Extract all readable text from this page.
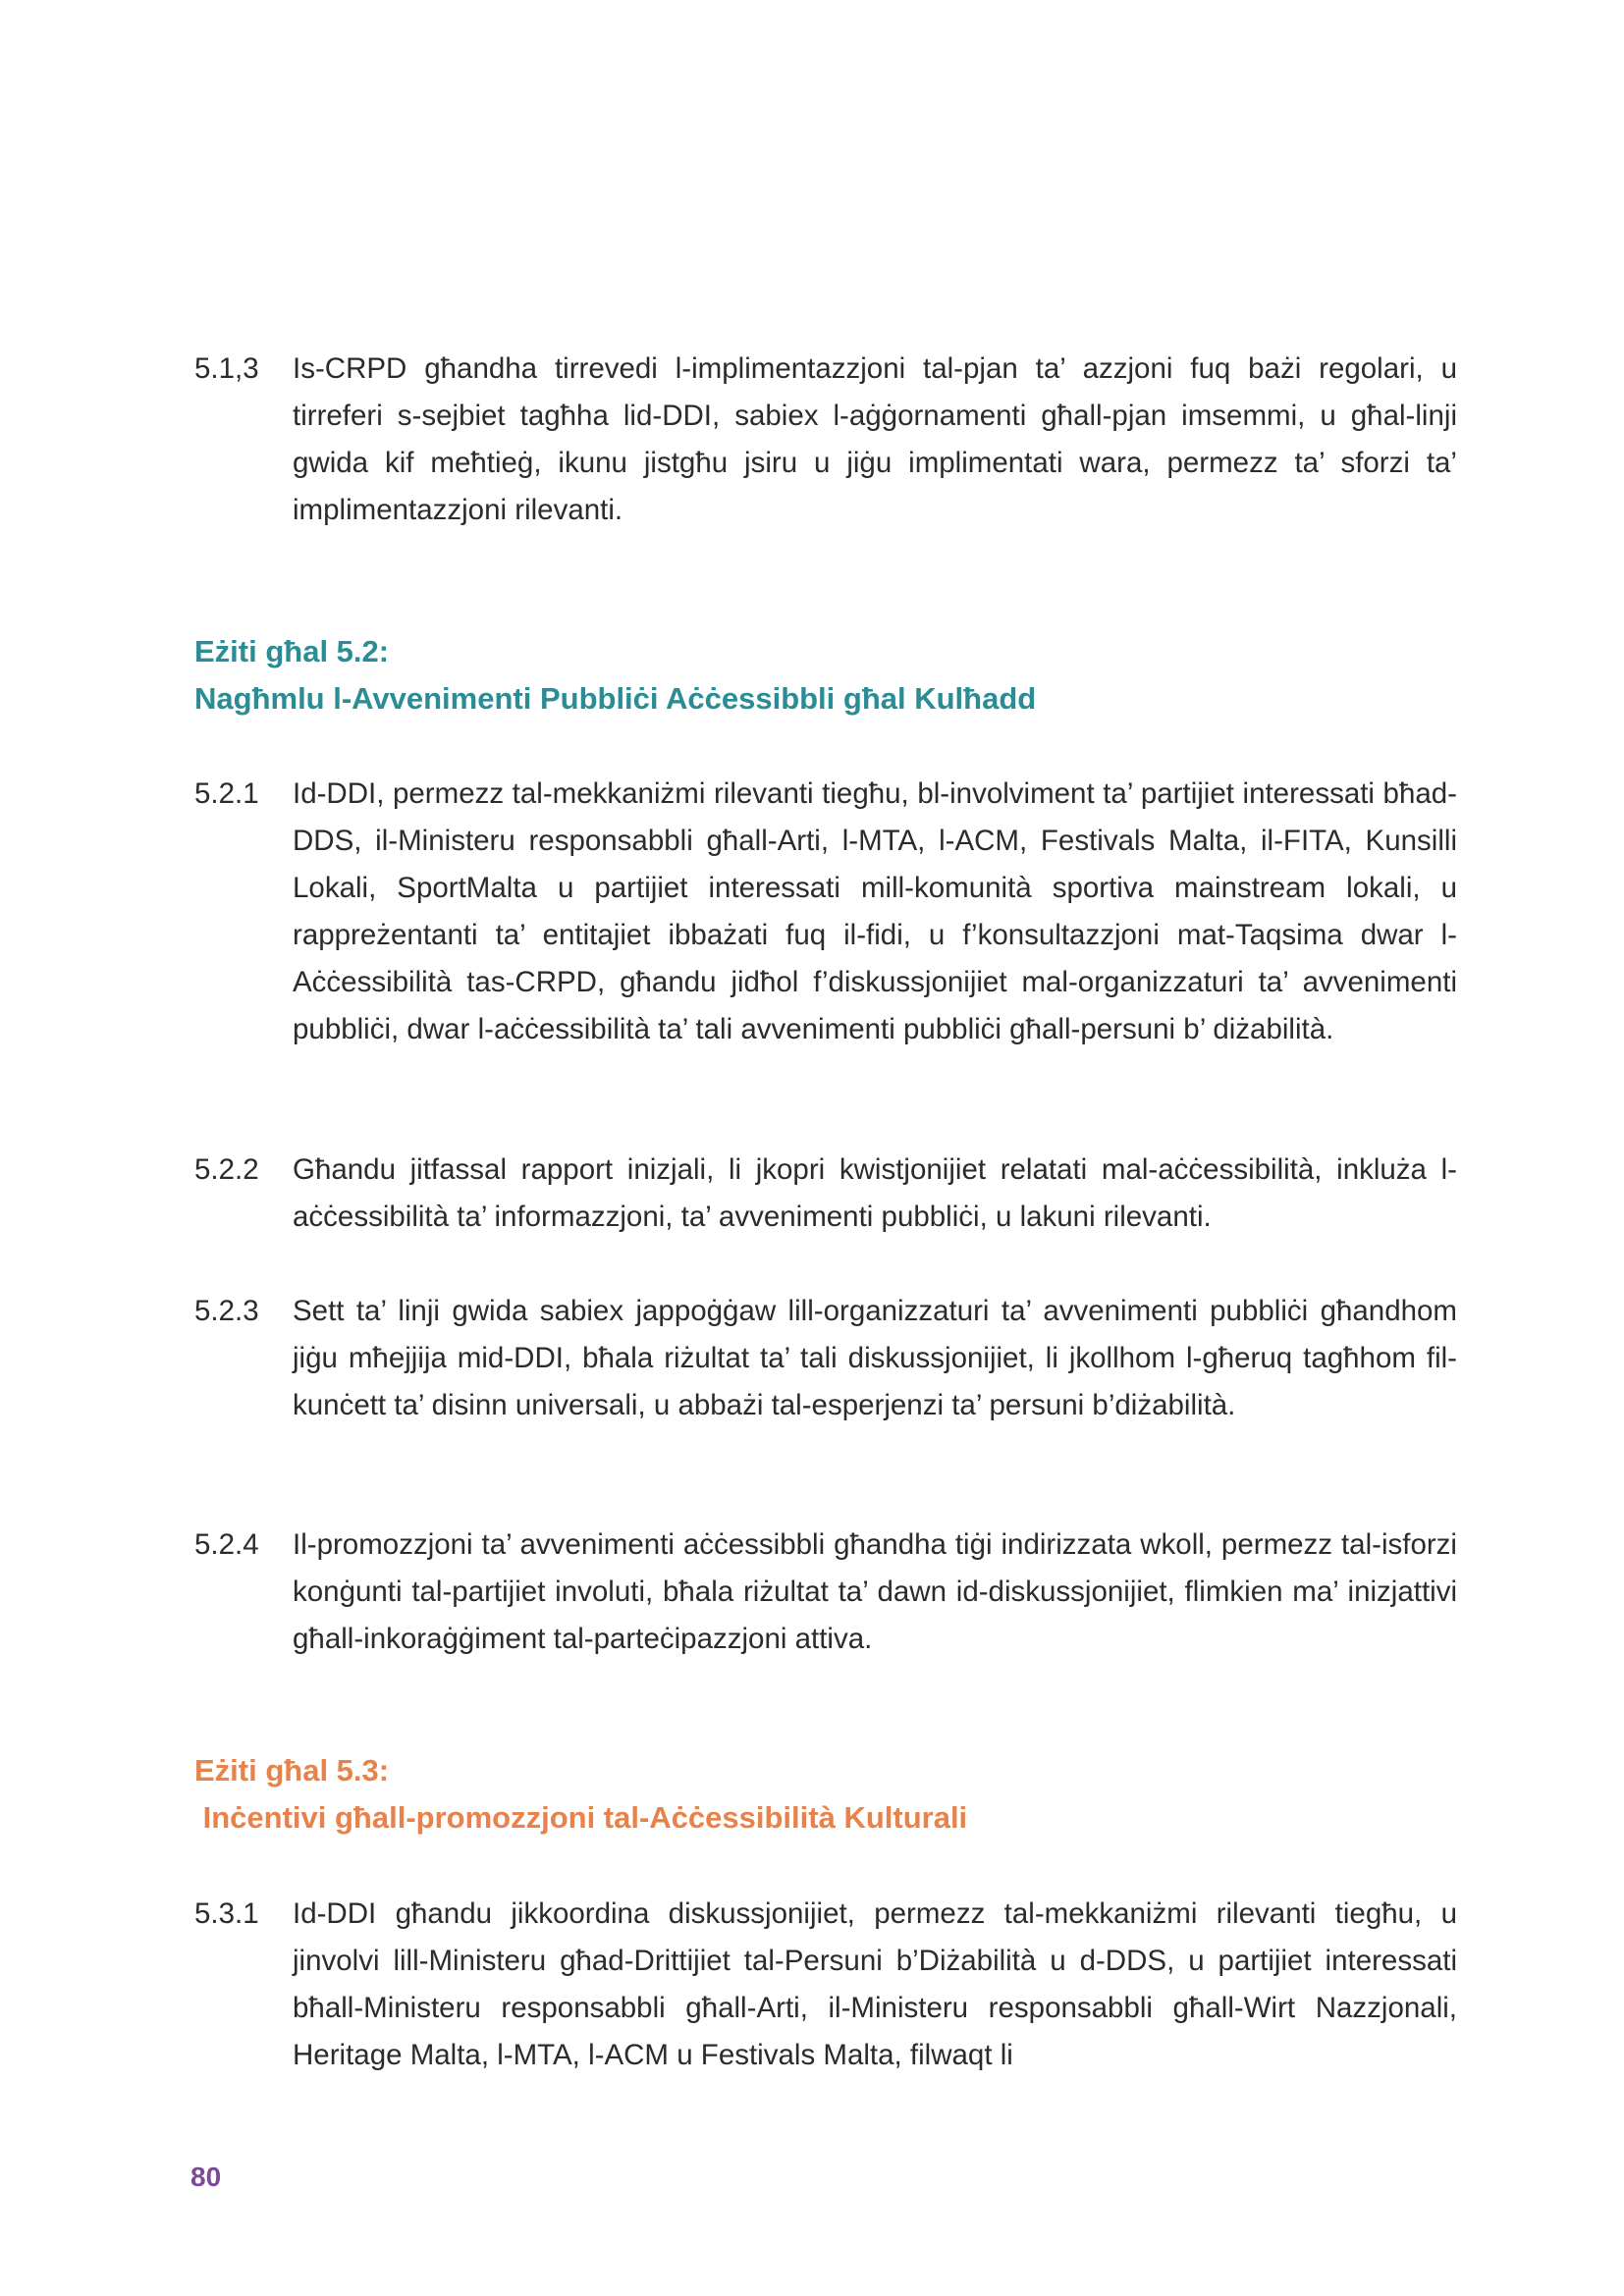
5.1,3	Is-CRPD għandha tirrevedi l-implimentazzjoni tal-pjan ta’ azzjoni fuq bażi regolari, u tirreferi s-sejbiet tagħha lid-DDI, sabiex l-aġġornamenti għall-pjan imsemmi, u għal-linji gwida kif meħtieġ, ikunu jistgħu jsiru u jiġu implimentati wara, permezz ta’ sforzi ta’ implimentazzjoni rilevanti.
Eżiti għal 5.2:
Nagħmlu l-Avvenimenti Pubbliċi Aċċessibbli għal Kulħadd
5.2.1	Id-DDI, permezz tal-mekkaniżmi rilevanti tiegħu, bl-involviment ta’ partijiet interessati bħad-DDS, il-Ministeru responsabbli għall-Arti, l-MTA, l-ACM, Festivals Malta, il-FITA, Kunsilli Lokali, SportMalta u partijiet interessati mill-komunità sportiva mainstream lokali, u rappreżentanti ta’ entitajiet ibbażati fuq il-fidi, u f’konsultazzjoni mat-Taqsima dwar l-Aċċessibilità tas-CRPD, għandu jidħol f’diskussjonijiet mal-organizzaturi ta’ avvenimenti pubbliċi, dwar l-aċċessibilità ta’ tali avvenimenti pubbliċi għall-persuni b’ diżabilità.
5.2.2	Għandu jitfassal rapport inizjali, li jkopri kwistjonijiet relatati mal-aċċessibilità, inkluża l-aċċessibilità ta’ informazzjoni, ta’ avvenimenti pubbliċi, u lakuni rilevanti.
5.2.3	Sett ta’ linji gwida sabiex jappoġġaw lill-organizzaturi ta’ avvenimenti pubbliċi għandhom jiġu mħejjija mid-DDI, bħala riżultat ta’ tali diskussjonijiet, li jkollhom l-għeruq tagħhom fil-kunċett ta’ disinn universali, u abbażi tal-esperjenzi ta’ persuni b’diżabilità.
5.2.4	Il-promozzjoni ta’ avvenimenti aċċessibbli għandha tiġi indirizzata wkoll, permezz tal-isforzi konġunti tal-partijiet involuti, bħala riżultat ta’ dawn id-diskussjonijiet, flimkien ma’ inizjattivi għall-inkoraġġiment tal-parteċipazzjoni attiva.
Eżiti għal 5.3:
Inċentivi għall-promozzjoni tal-Aċċessibilità Kulturali
5.3.1	Id-DDI għandu jikkoordina diskussjonijiet, permezz tal-mekkaniżmi rilevanti tiegħu, u jinvolvi lill-Ministeru għad-Drittijiet tal-Persuni b’Diżabilità u d-DDS, u partijiet interessati bħall-Ministeru responsabbli għall-Arti, il-Ministeru responsabbli għall-Wirt Nazzjonali, Heritage Malta, l-MTA, l-ACM u Festivals Malta, filwaqt li
80
